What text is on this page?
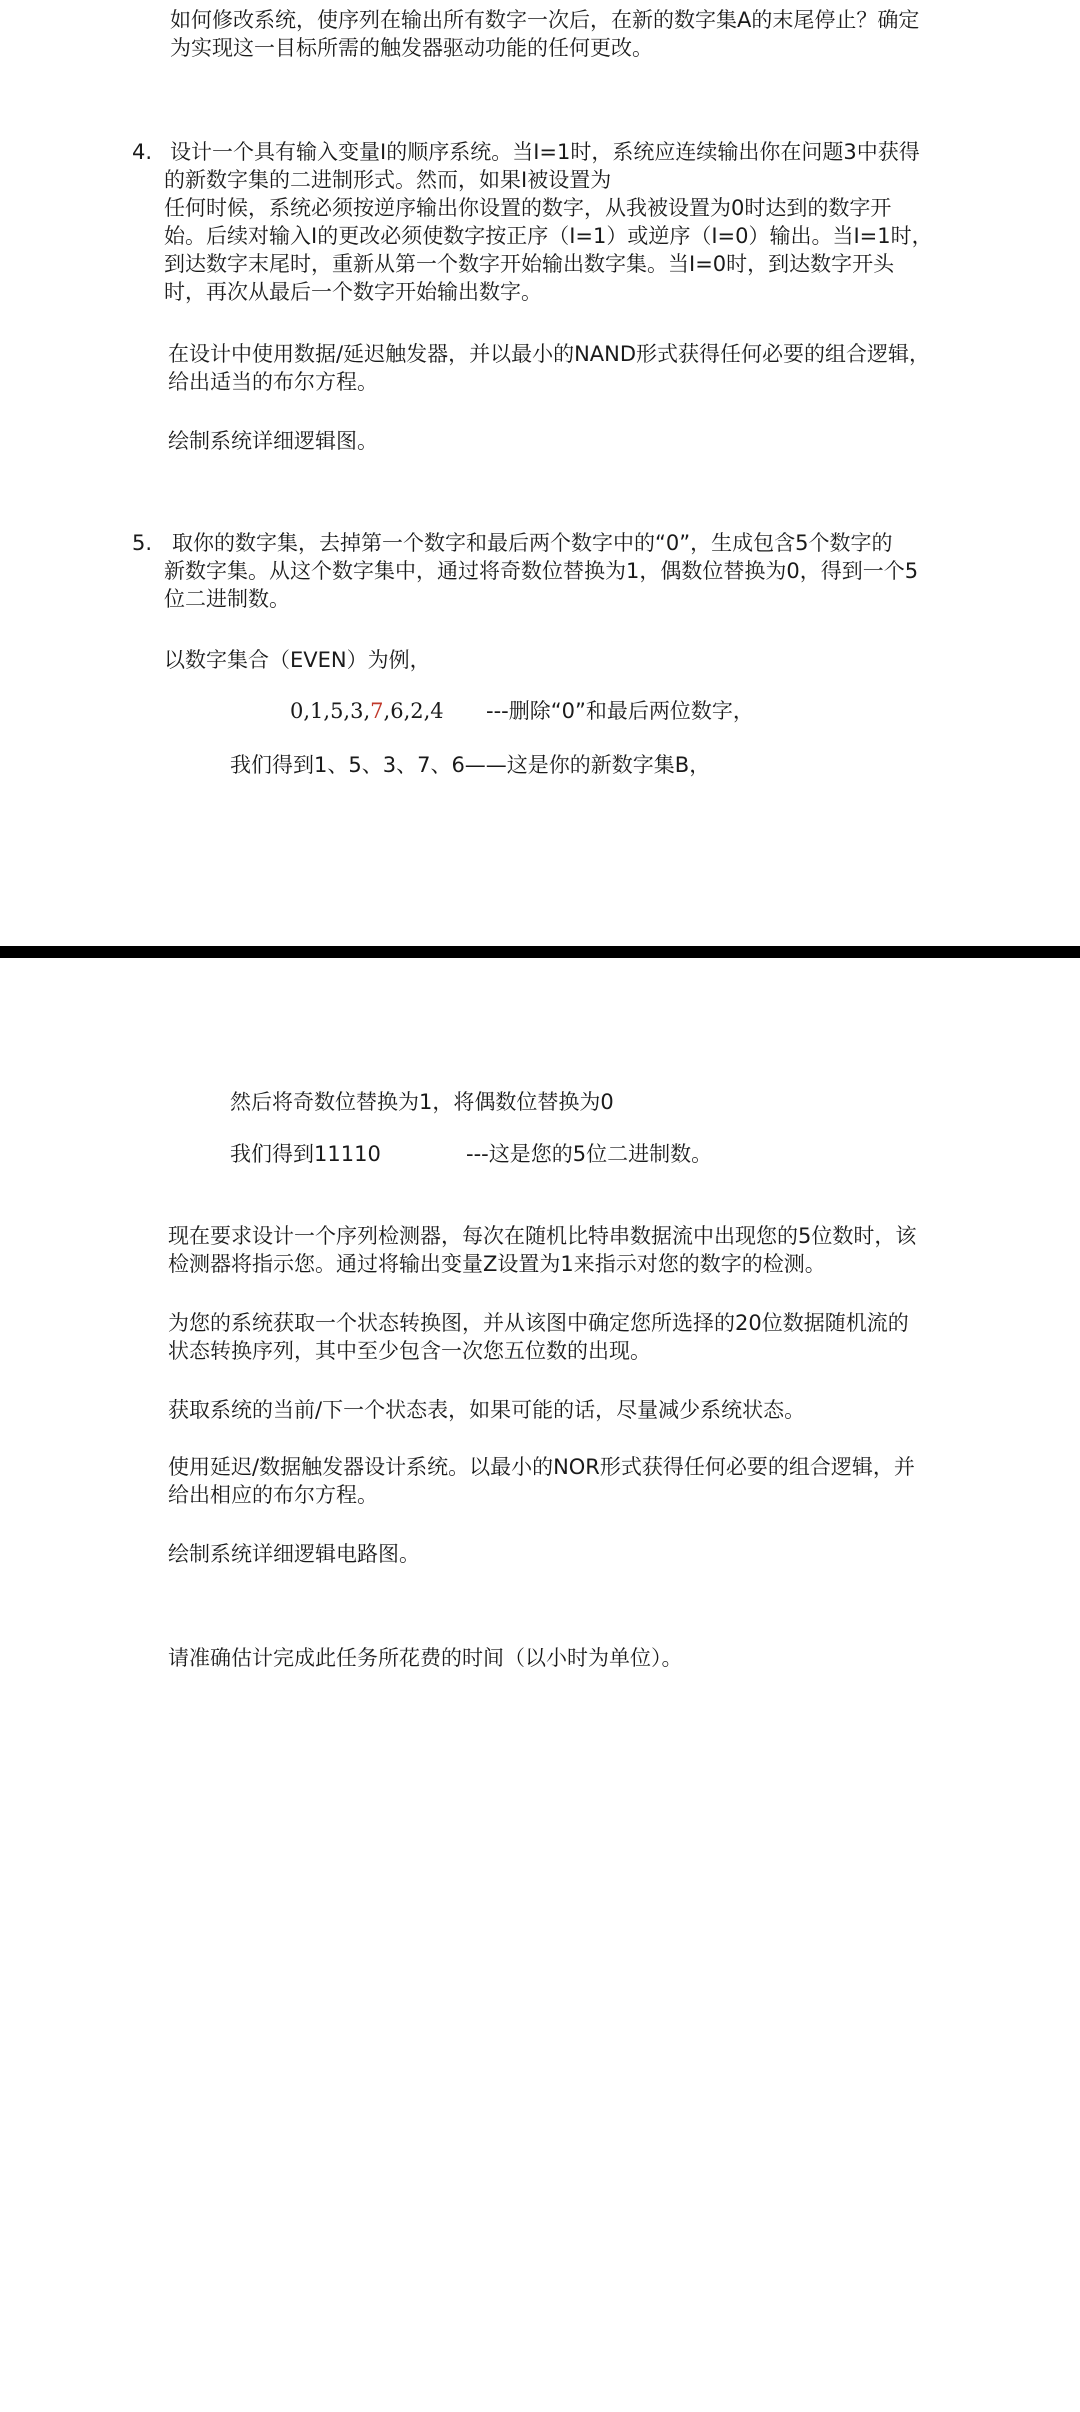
如何修改系统，使序列在输出所有数字一次后，在新的数字集A的末尾停止？确定

为实现这一目标所需的触发器驱动功能的任何更改。

4. 设计一个具有输入变量I的顺序系统。当I=1时，系统应连续输出你在问题3中获得

的新数字集的二进制形式。然而，如果I被设置为

任何时候，系统必须按逆序输出你设置的数字，从我被设置为0时达到的数字开

始。后续对输入I的更改必须使数字按正序（I=1）或逆序（I=0）输出。当I=1时，

到达数字末尾时，重新从第一个数字开始输出数字集。当I=0时，到达数字开头

时，再次从最后一个数字开始输出数字。

在设计中使用数据/延迟触发器，并以最小的NAND形式获得任何必要的组合逻辑，

给出适当的布尔方程。

绘制系统详细逻辑图。

5. 取你的数字集，去掉第一个数字和最后两个数字中的“0”，生成包含5个数字的

新数字集。从这个数字集中，通过将奇数位替换为1，偶数位替换为0，得到一个5

位二进制数。

以数字集合（EVEN）为例，

0,1,5,3,7,6,2,4 ---删除“0”和最后两位数字，

我们得到1、5、3、7、6——这是你的新数字集B，

然后将奇数位替换为1，将偶数位替换为0

我们得到11110	---这是您的5位二进制数。

现在要求设计一个序列检测器，每次在随机比特串数据流中出现您的5位数时，该

检测器将指示您。通过将输出变量Z设置为1来指示对您的数字的检测。

为您的系统获取一个状态转换图，并从该图中确定您所选择的20位数据随机流的

状态转换序列，其中至少包含一次您五位数的出现。

获取系统的当前/下一个状态表，如果可能的话，尽量减少系统状态。

使用延迟/数据触发器设计系统。以最小的NOR形式获得任何必要的组合逻辑，并

给出相应的布尔方程。

绘制系统详细逻辑电路图。

请准确估计完成此任务所花费的时间（以小时为单位）。
